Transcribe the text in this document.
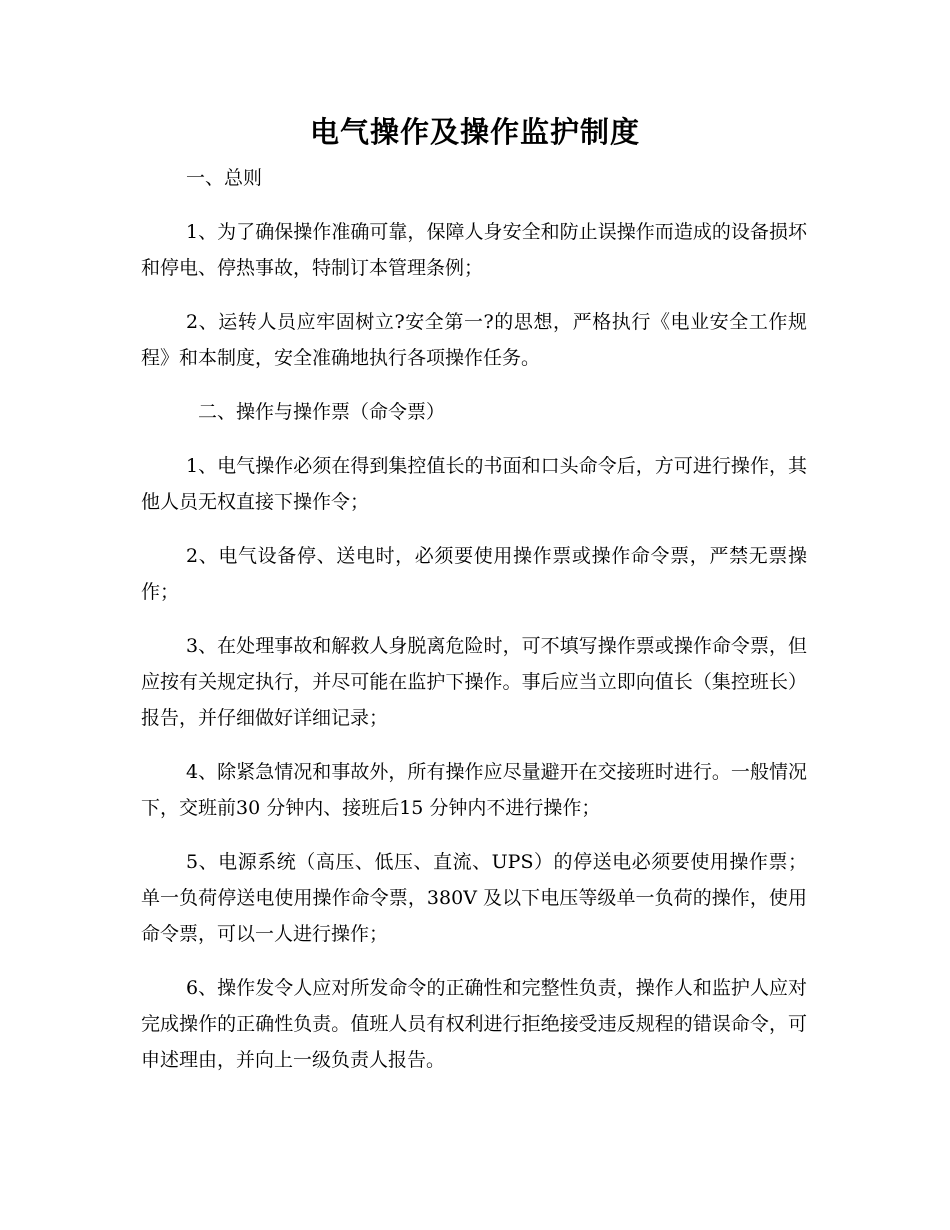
电气操作及操作监护制度

一、总则

1、为了确保操作准确可靠，保障人身安全和防止误操作而造成的设备损坏和停电、停热事故，特制订本管理条例；

2、运转人员应牢固树立?安全第一?的思想，严格执行《电业安全工作规程》和本制度，安全准确地执行各项操作任务。

二、操作与操作票（命令票）

1、电气操作必须在得到集控值长的书面和口头命令后，方可进行操作，其他人员无权直接下操作令；

2、电气设备停、送电时，必须要使用操作票或操作命令票，严禁无票操作；

3、在处理事故和解救人身脱离危险时，可不填写操作票或操作命令票，但应按有关规定执行，并尽可能在监护下操作。事后应当立即向值长（集控班长）报告，并仔细做好详细记录；

4、除紧急情况和事故外，所有操作应尽量避开在交接班时进行。一般情况下，交班前30 分钟内、接班后15 分钟内不进行操作；

5、电源系统（高压、低压、直流、UPS）的停送电必须要使用操作票；单一负荷停送电使用操作命令票，380V 及以下电压等级单一负荷的操作，使用命令票，可以一人进行操作；

6、操作发令人应对所发命令的正确性和完整性负责，操作人和监护人应对完成操作的正确性负责。值班人员有权利进行拒绝接受违反规程的错误命令，可申述理由，并向上一级负责人报告。
